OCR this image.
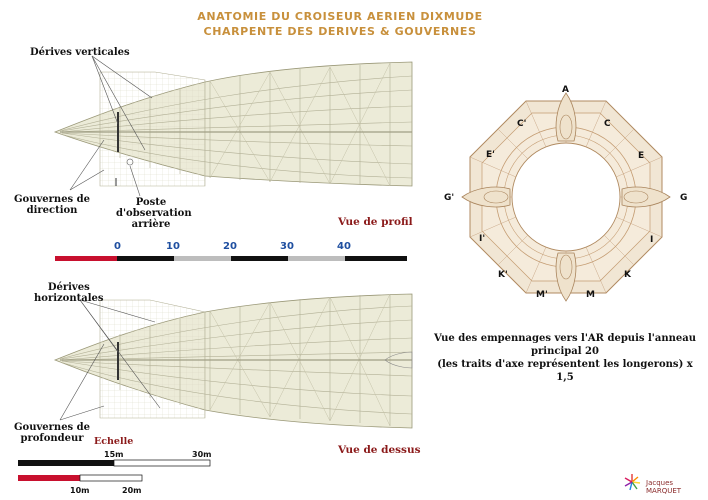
ANATOMIE DU CROISEUR AERIEN DIXMUDE
CHARPENTE DES DERIVES & GOUVERNES
Dérives verticales
Gouvernes de
direction
Poste
d'observation
arrière	Vue de profil
0	10	20	30	40
Dérives
horizontales
Gouvernes de
profondeur
Vue de dessus
Echelle
15m	30m
10m	20m
A
C'	C
E'	E
G'	G
I'	I
K'	K
M'	M
Vue des empennages vers l'AR depuis l'anneau principal 20
(les traits d'axe représentent les longerons) x 1,5
Jacques MARQUET
